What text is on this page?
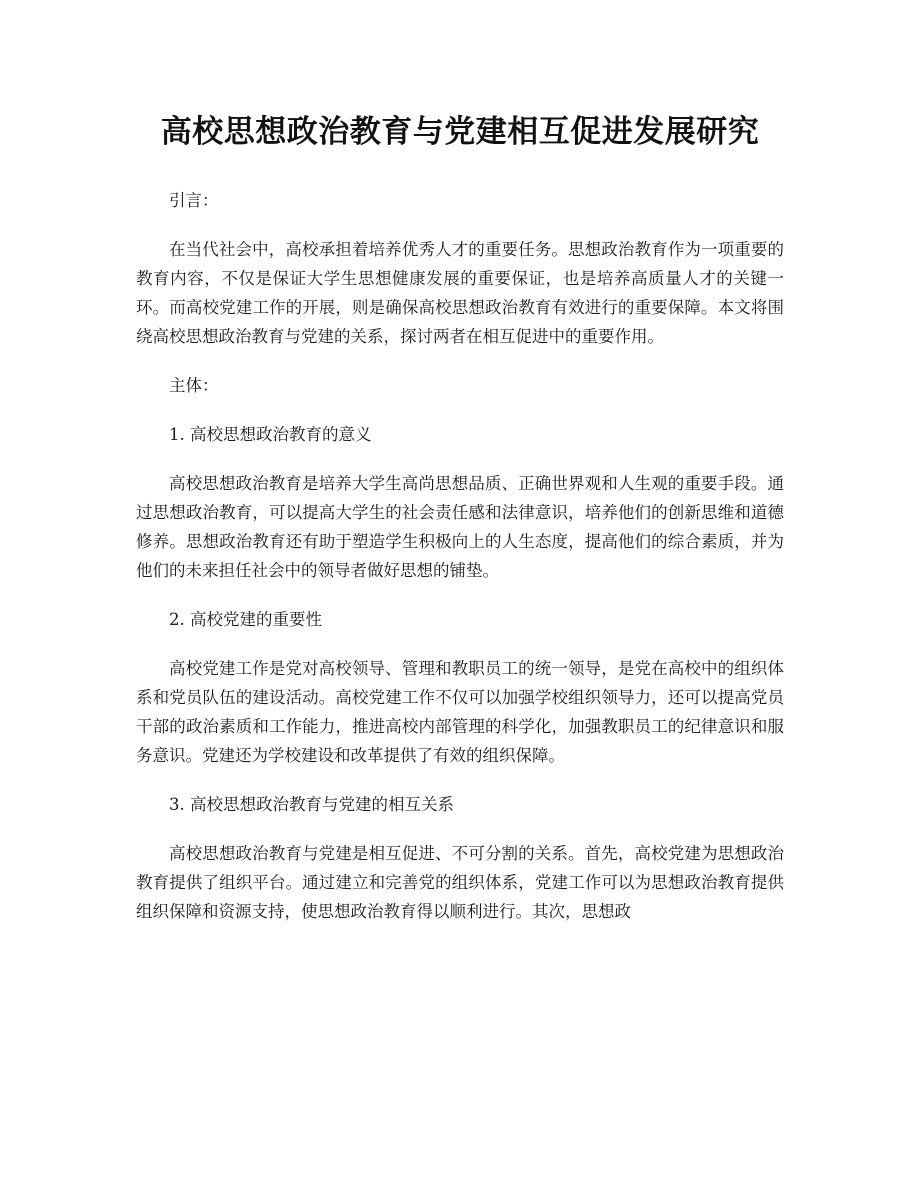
高校思想政治教育与党建相互促进发展研究

引言：

在当代社会中，高校承担着培养优秀人才的重要任务。思想政治教育作为一项重要的教育内容，不仅是保证大学生思想健康发展的重要保证，也是培养高质量人才的关键一环。而高校党建工作的开展，则是确保高校思想政治教育有效进行的重要保障。本文将围绕高校思想政治教育与党建的关系，探讨两者在相互促进中的重要作用。

主体：

1. 高校思想政治教育的意义

高校思想政治教育是培养大学生高尚思想品质、正确世界观和人生观的重要手段。通过思想政治教育，可以提高大学生的社会责任感和法律意识，培养他们的创新思维和道德修养。思想政治教育还有助于塑造学生积极向上的人生态度，提高他们的综合素质，并为他们的未来担任社会中的领导者做好思想的铺垫。

2. 高校党建的重要性

高校党建工作是党对高校领导、管理和教职员工的统一领导，是党在高校中的组织体系和党员队伍的建设活动。高校党建工作不仅可以加强学校组织领导力，还可以提高党员干部的政治素质和工作能力，推进高校内部管理的科学化，加强教职员工的纪律意识和服务意识。党建还为学校建设和改革提供了有效的组织保障。

3. 高校思想政治教育与党建的相互关系

高校思想政治教育与党建是相互促进、不可分割的关系。首先，高校党建为思想政治教育提供了组织平台。通过建立和完善党的组织体系，党建工作可以为思想政治教育提供组织保障和资源支持，使思想政治教育得以顺利进行。其次，思想政
